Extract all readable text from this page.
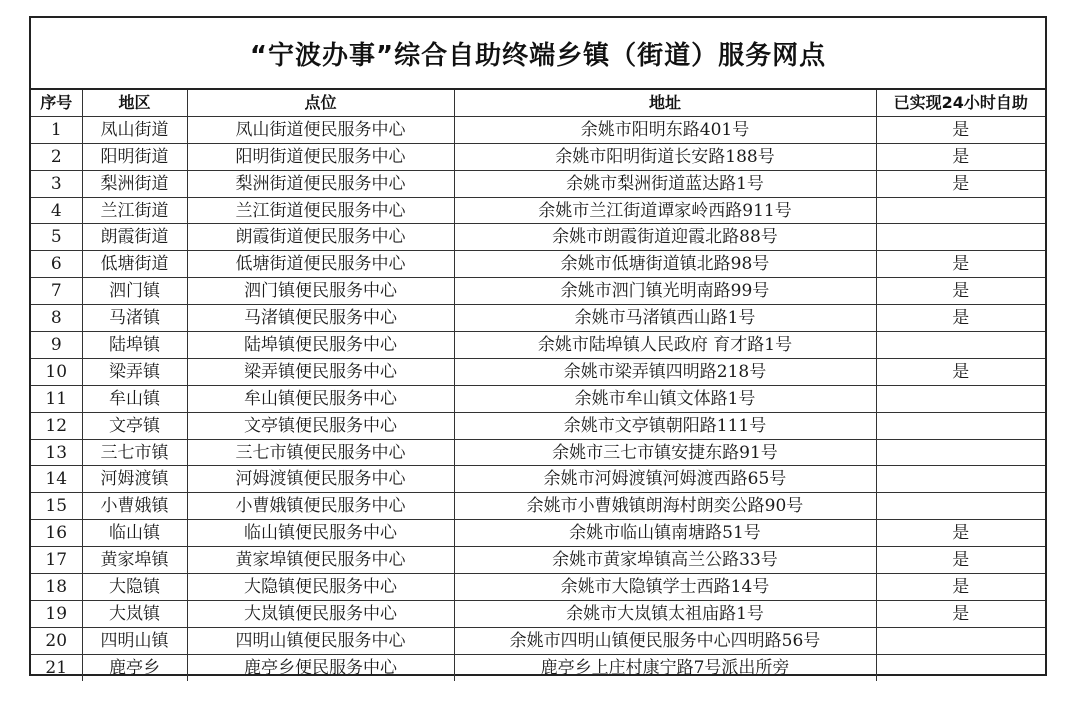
“宁波办事”综合自助终端乡镇（街道）服务网点
序号	地区	点位	地址	已实现24小时自助
1	凤山街道	凤山街道便民服务中心	余姚市阳明东路401号	是
2	阳明街道	阳明街道便民服务中心	余姚市阳明街道长安路188号	是
3	梨洲街道	梨洲街道便民服务中心	余姚市梨洲街道蓝达路1号	是
4	兰江街道	兰江街道便民服务中心	余姚市兰江街道谭家岭西路911号	
5	朗霞街道	朗霞街道便民服务中心	余姚市朗霞街道迎霞北路88号	
6	低塘街道	低塘街道便民服务中心	余姚市低塘街道镇北路98号	是
7	泗门镇	泗门镇便民服务中心	余姚市泗门镇光明南路99号	是
8	马渚镇	马渚镇便民服务中心	余姚市马渚镇西山路1号	是
9	陆埠镇	陆埠镇便民服务中心	余姚市陆埠镇人民政府 育才路1号	
10	梁弄镇	梁弄镇便民服务中心	余姚市梁弄镇四明路218号	是
11	牟山镇	牟山镇便民服务中心	余姚市牟山镇文体路1号	
12	文亭镇	文亭镇便民服务中心	余姚市文亭镇朝阳路111号	
13	三七市镇	三七市镇便民服务中心	余姚市三七市镇安捷东路91号	
14	河姆渡镇	河姆渡镇便民服务中心	余姚市河姆渡镇河姆渡西路65号	
15	小曹娥镇	小曹娥镇便民服务中心	余姚市小曹娥镇朗海村朗奕公路90号	
16	临山镇	临山镇便民服务中心	余姚市临山镇南塘路51号	是
17	黄家埠镇	黄家埠镇便民服务中心	余姚市黄家埠镇高兰公路33号	是
18	大隐镇	大隐镇便民服务中心	余姚市大隐镇学士西路14号	是
19	大岚镇	大岚镇便民服务中心	余姚市大岚镇太祖庙路1号	是
20	四明山镇	四明山镇便民服务中心	余姚市四明山镇便民服务中心四明路56号	
21	鹿亭乡	鹿亭乡便民服务中心	鹿亭乡上庄村康宁路7号派出所旁	
